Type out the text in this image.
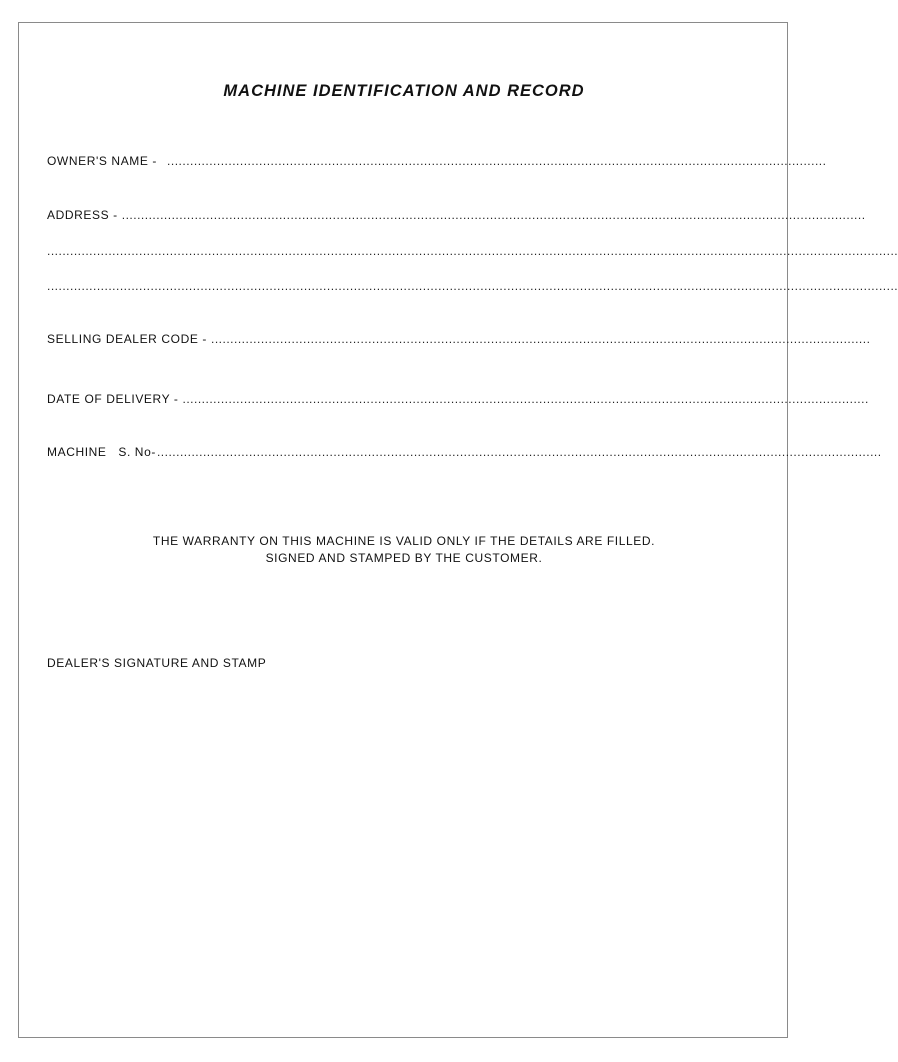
MACHINE IDENTIFICATION AND RECORD
OWNER'S NAME - ............................................................................................................................................................................
ADDRESS - ..................................................................................................................................................................................................
..............................................................................................................................................................................................................................
..............................................................................................................................................................................................................................
SELLING DEALER CODE - ............................................................................................................................................................................
DATE OF DELIVERY - ...................................................................................................................................................................................
MACHINE   S. No- .............................................................................................................................................................................................
THE WARRANTY ON THIS MACHINE IS VALID ONLY IF THE DETAILS ARE FILLED.
SIGNED AND STAMPED BY THE CUSTOMER.
DEALER'S SIGNATURE AND STAMP
